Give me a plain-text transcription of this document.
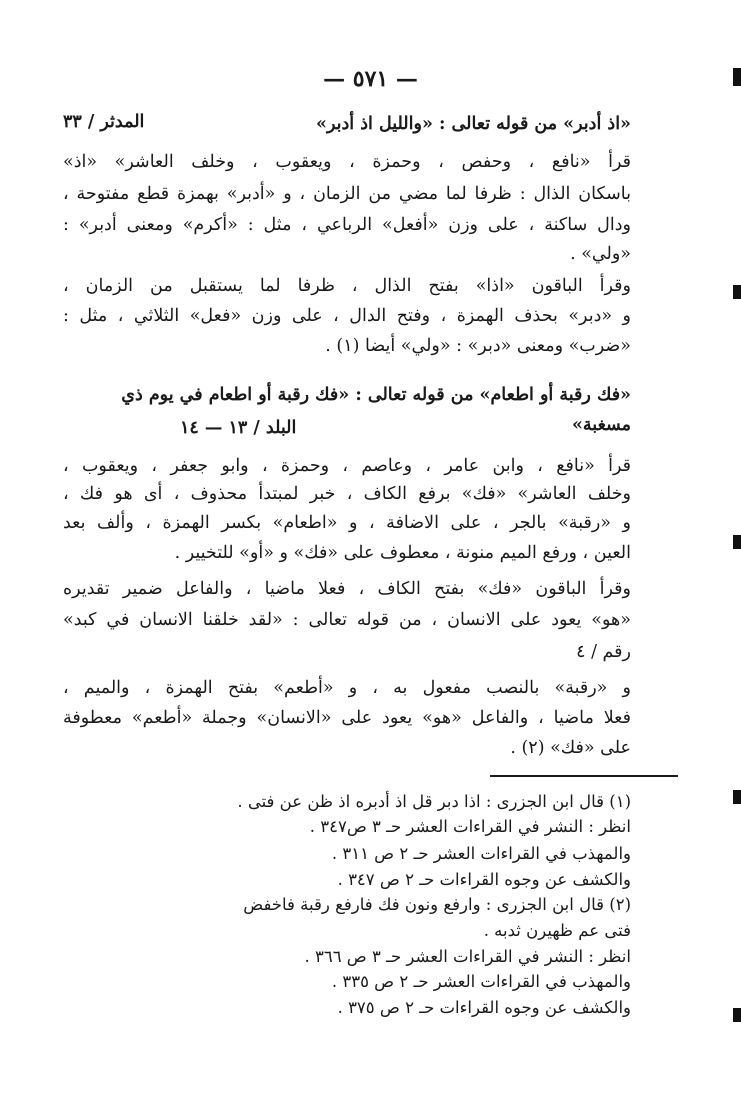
— ٥٧١ —
«اذ أدبر» من قوله تعالى : «والليل اذ أدبر»
المدثر / ٣٣
قرأ «نافع ، وحفص ، وحمزة ، ويعقوب ، وخلف العاشر» «اذ»
باسكان الذال : ظرفا لما مضي من الزمان ، و «أدبر» بهمزة قطع مفتوحة ،
ودال ساكنة ، على وزن «أفعل» الرباعي ، مثل : «أكرم» ومعنى أدبر» :
«ولي» .
وقرأ الباقون «اذا» بفتح الذال ، ظرفا لما يستقبل من الزمان ،
و «دبر» بحذف الهمزة ، وفتح الدال ، على وزن «فعل» الثلاثي ، مثل :
«ضرب» ومعنى «دبر» : «ولي» أيضا (١) .
«فك رقبة أو اطعام» من قوله تعالى : «فك رقبة أو اطعام في يوم ذي
مسغبة»
البلد / ١٣ — ١٤
قرأ «نافع ، وابن عامر ، وعاصم ، وحمزة ، وابو جعفر ، ويعقوب ،
وخلف العاشر» «فك» برفع الكاف ، خبر لمبتدأ محذوف ، أى هو فك ،
و «رقبة» بالجر ، على الاضافة ، و «اطعام» بكسر الهمزة ، وألف بعد
العين ، ورفع الميم منونة ، معطوف على «فك» و «أو» للتخيير .
وقرأ الباقون «فك» بفتح الكاف ، فعلا ماضيا ، والفاعل ضمير تقديره
«هو» يعود على الانسان ، من قوله تعالى : «لقد خلقنا الانسان في كبد»
رقم / ٤
و «رقبة» بالنصب مفعول به ، و «أطعم» بفتح الهمزة ، والميم ،
فعلا ماضيا ، والفاعل «هو» يعود على «الانسان» وجملة «أطعم» معطوفة
على «فك» (٢) .
(١) قال ابن الجزرى : اذا دبر قل اذ أدبره اذ ظن عن فتى .
انظر : النشر في القراءات العشر حـ ٣ ص٣٤٧ .
والمهذب في القراءات العشر حـ ٢ ص ٣١١ .
والكشف عن وجوه القراءات حـ ٢ ص ٣٤٧ .
(٢) قال ابن الجزرى : وارفع ونون فك فارفع رقبة فاخفض
فتى عم ظهيرن ثدبه .
انظر : النشر في القراءات العشر حـ ٣ ص ٣٦٦ .
والمهذب في القراءات العشر حـ ٢ ص ٣٣٥ .
والكشف عن وجوه القراءات حـ ٢ ص ٣٧٥ .
